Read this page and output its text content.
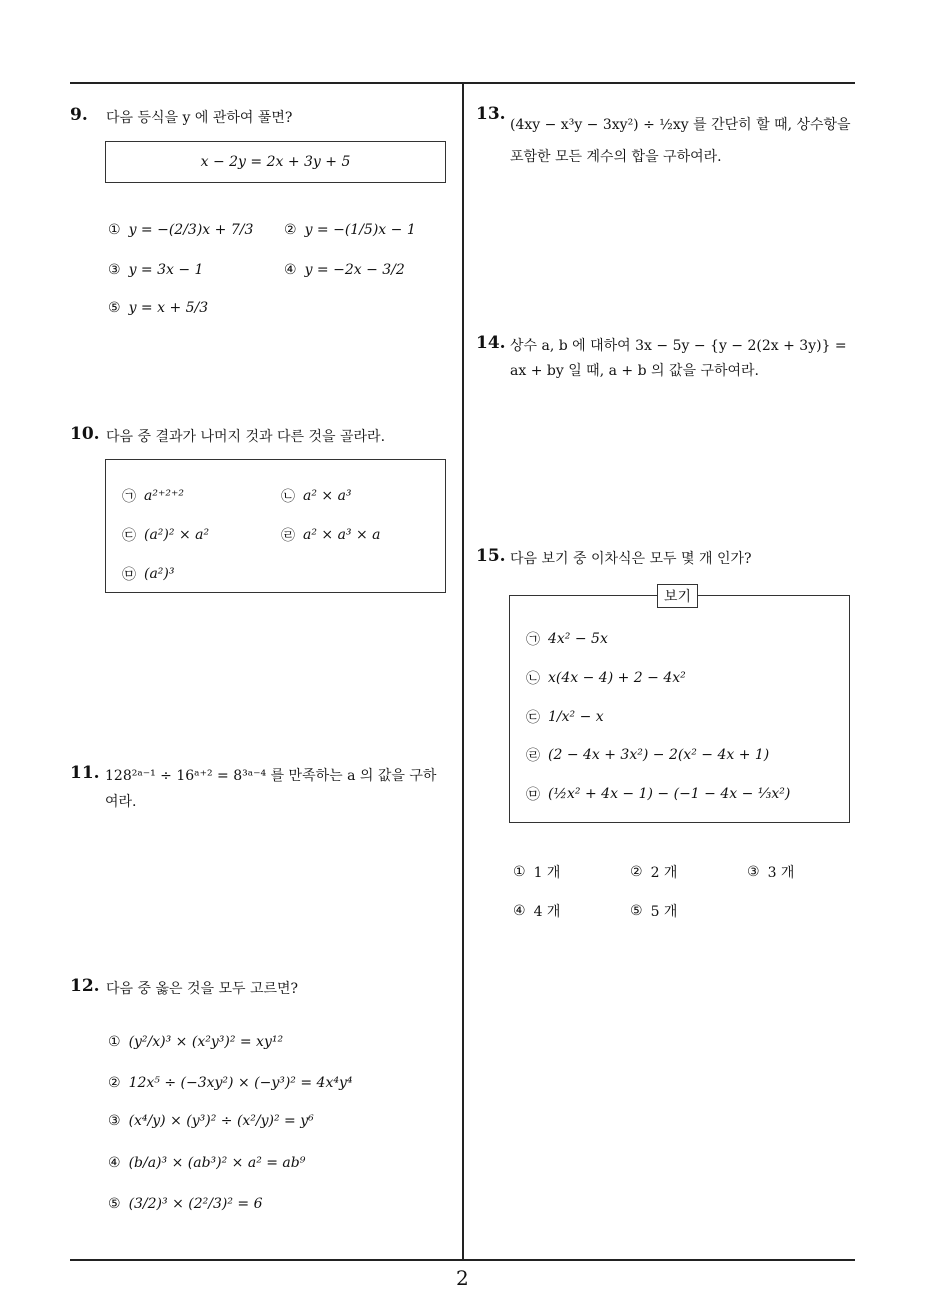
9. 다음 등식을 y 에 관하여 풀면?
x − 2y = 2x + 3y + 5
① y = −(2/3)x + 7/3 ② y = −(1/5)x − 1
③ y = 3x − 1	④ y = −2x − 3/2
⑤ y = x + 5/3
10. 다음 중 결과가 나머지 것과 다른 것을 골라라.
㉠ a²⁺²⁺²	㉡ a² × a³
㉢ (a²)² × a²	㉣ a² × a³ × a
㉤ (a²)³
11. 128²ᵃ⁻¹ ÷ 16ᵃ⁺² = 8³ᵃ⁻⁴ 를 만족하는 a 의 값을 구하
여라.
12. 다음 중 옳은 것을 모두 고르면?
① (y²/x)³ × (x²y³)² = xy¹²
② 12x⁵ ÷ (−3xy²) × (−y³)² = 4x⁴y⁴
③ (x⁴/y) × (y³)² ÷ (x²/y)² = y⁶
④ (b/a)³ × (ab³)² × a² = ab⁹
⑤ (3/2)³ × (2²/3)² = 6
13.
(4xy − x³y − 3xy²) ÷ ½xy 를 간단히 할 때, 상수항을
포함한 모든 계수의 합을 구하여라.
14. 상수 a, b 에 대하여 3x − 5y − {y − 2(2x + 3y)} =
ax + by 일 때, a + b 의 값을 구하여라.
15. 다음 보기 중 이차식은 모두 몇 개 인가?
보기
㉠ 4x² − 5x
㉡ x(4x − 4) + 2 − 4x²
㉢ 1/x² − x
㉣ (2 − 4x + 3x²) − 2(x² − 4x + 1)
㉤ (½x² + 4x − 1) − (−1 − 4x − ⅓x²)
① 1 개	② 2 개	③ 3 개
④ 4 개	⑤ 5 개
2
